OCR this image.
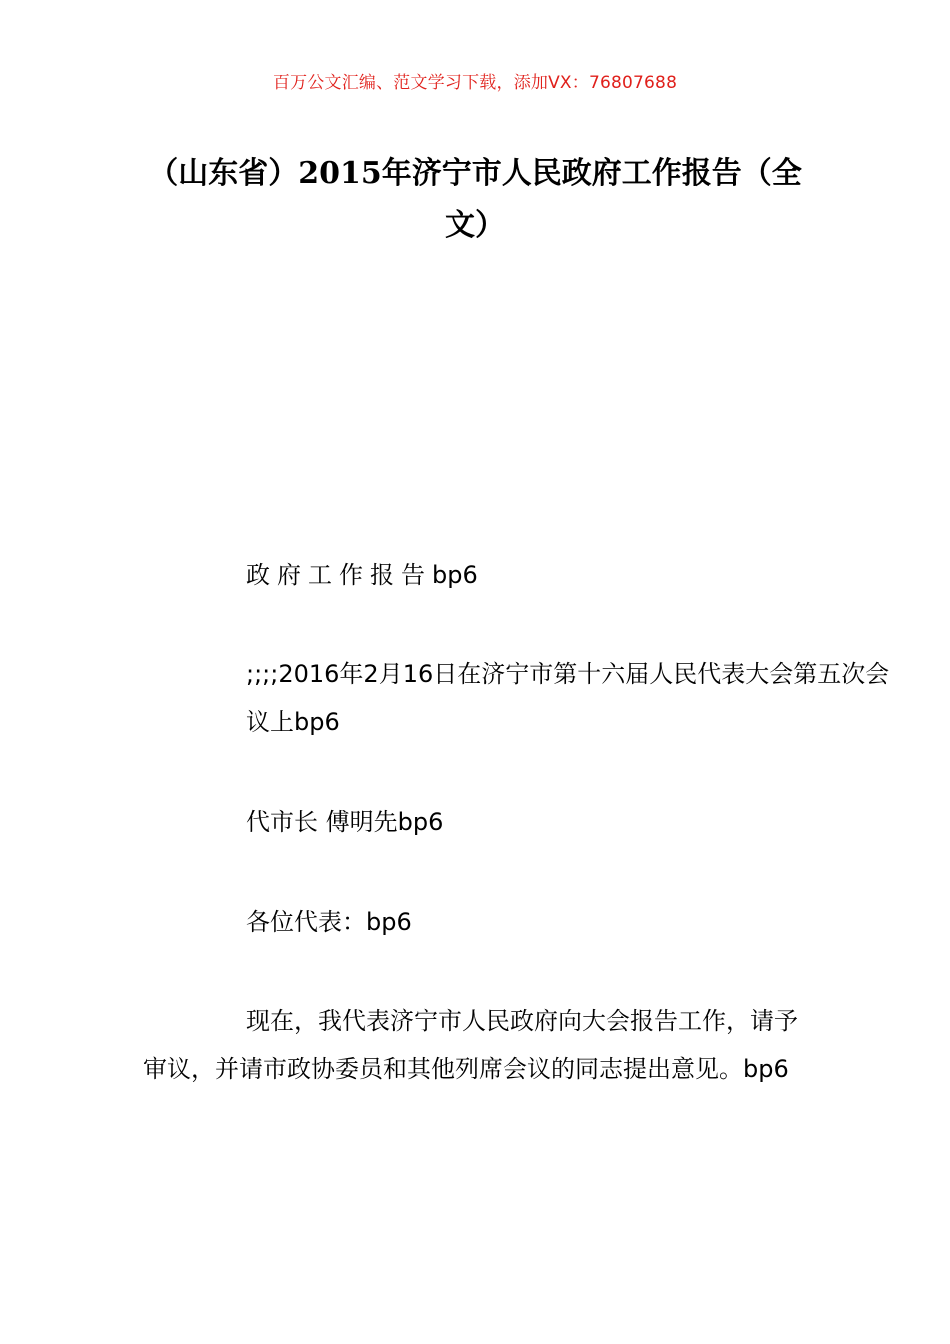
百万公文汇编、范文学习下载，添加VX：76807688
（山东省）2015年济宁市人民政府工作报告（全文）
政府工作报告bp6
;;;;2016年2月16日在济宁市第十六届人民代表大会第五次会议上bp6
代市长 傅明先bp6
各位代表：bp6
现在，我代表济宁市人民政府向大会报告工作，请予审议，并请市政协委员和其他列席会议的同志提出意见。bp6
